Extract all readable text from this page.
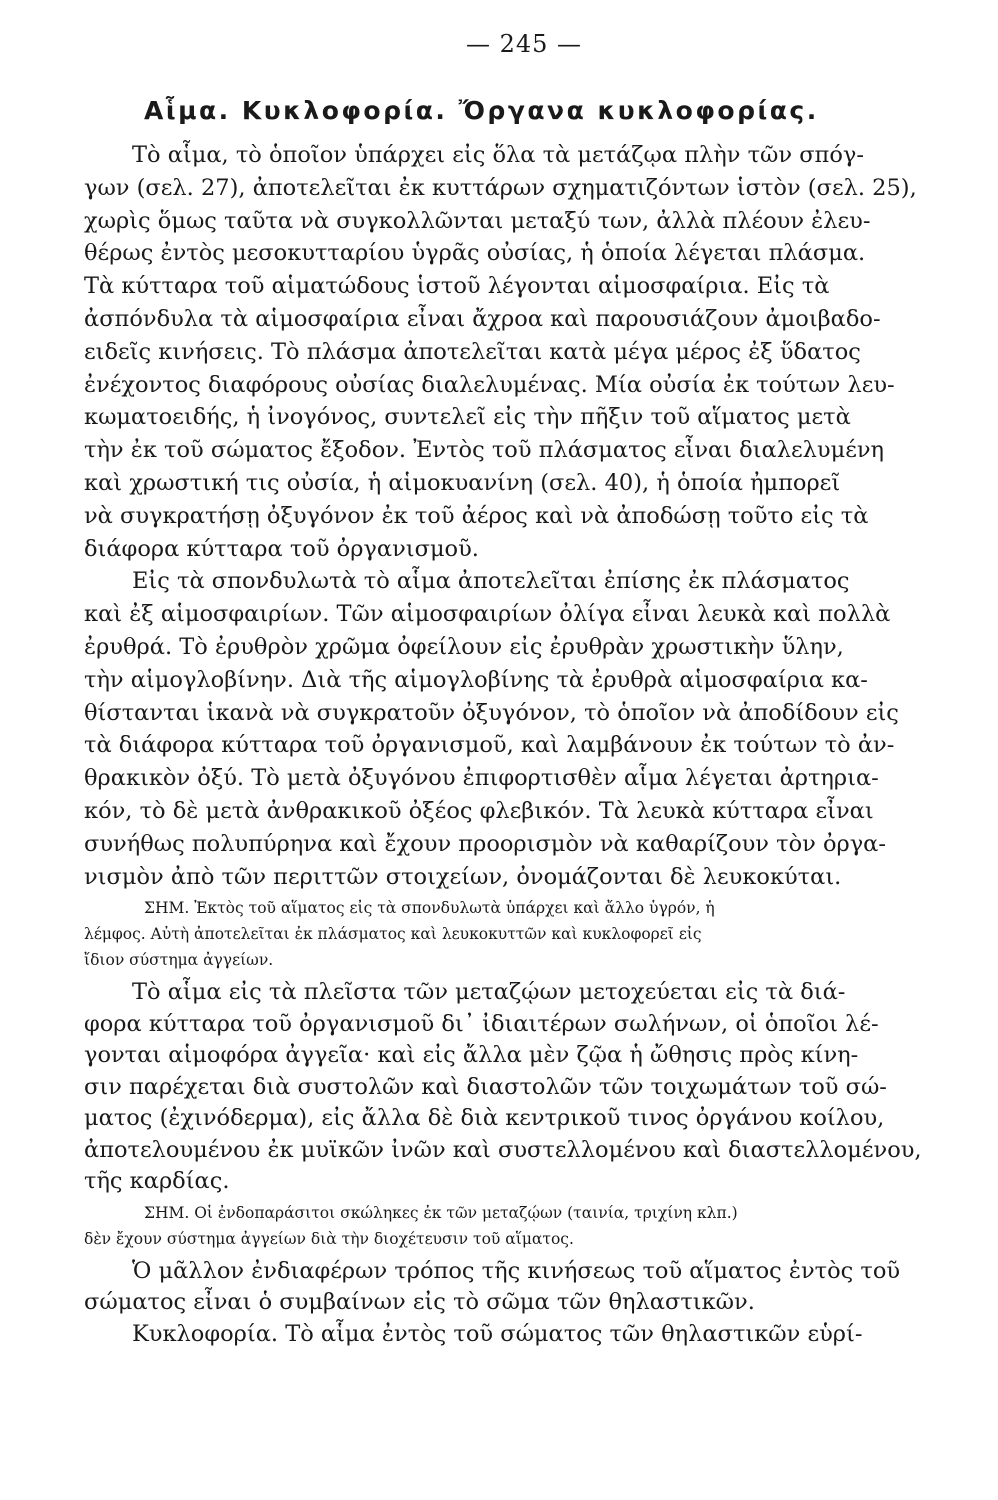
— 245 —
Αἷμα. Κυκλοφορία. Ὄργανα κυκλοφορίας.
Τὸ αἷμα, τὸ ὁποῖον ὑπάρχει εἰς ὅλα τὰ μετάζῳα πλὴν τῶν σπόγ-
γων (σελ. 27), ἀποτελεῖται ἐκ κυττάρων σχηματιζόντων ἱστὸν (σελ. 25),
χωρὶς ὅμως ταῦτα νὰ συγκολλῶνται μεταξύ των, ἀλλὰ πλέουν ἐλευ-
θέρως ἐντὸς μεσοκυτταρίου ὑγρᾶς οὐσίας, ἡ ὁποία λέγεται πλάσμα.
Τὰ κύτταρα τοῦ αἱματώδους ἱστοῦ λέγονται αἱμοσφαίρια. Εἰς τὰ
ἀσπόνδυλα τὰ αἱμοσφαίρια εἶναι ἄχροα καὶ παρουσιάζουν ἀμοιβαδο-
ειδεῖς κινήσεις. Τὸ πλάσμα ἀποτελεῖται κατὰ μέγα μέρος ἐξ ὕδατος
ἐνέχοντος διαφόρους οὐσίας διαλελυμένας. Μία οὐσία ἐκ τούτων λευ-
κωματοειδής, ἡ ἰνογόνος, συντελεῖ εἰς τὴν πῆξιν τοῦ αἵματος μετὰ
τὴν ἐκ τοῦ σώματος ἔξοδον. Ἐντὸς τοῦ πλάσματος εἶναι διαλελυμένη
καὶ χρωστική τις οὐσία, ἡ αἱμοκυανίνη (σελ. 40), ἡ ὁποία ἠμπορεῖ
νὰ συγκρατήσῃ ὀξυγόνον ἐκ τοῦ ἀέρος καὶ νὰ ἀποδώσῃ τοῦτο εἰς τὰ
διάφορα κύτταρα τοῦ ὀργανισμοῦ.
Εἰς τὰ σπονδυλωτὰ τὸ αἷμα ἀποτελεῖται ἐπίσης ἐκ πλάσματος
καὶ ἐξ αἱμοσφαιρίων. Τῶν αἱμοσφαιρίων ὀλίγα εἶναι λευκὰ καὶ πολλὰ
ἐρυθρά. Τὸ ἐρυθρὸν χρῶμα ὀφείλουν εἰς ἐρυθρὰν χρωστικὴν ὕλην,
τὴν αἱμογλοβίνην. Διὰ τῆς αἱμογλοβίνης τὰ ἐρυθρὰ αἱμοσφαίρια κα-
θίστανται ἱκανὰ νὰ συγκρατοῦν ὀξυγόνον, τὸ ὁποῖον νὰ ἀποδίδουν εἰς
τὰ διάφορα κύτταρα τοῦ ὀργανισμοῦ, καὶ λαμβάνουν ἐκ τούτων τὸ ἀν-
θρακικὸν ὀξύ. Τὸ μετὰ ὀξυγόνου ἐπιφορτισθὲν αἷμα λέγεται ἀρτηρια-
κόν, τὸ δὲ μετὰ ἀνθρακικοῦ ὀξέος φλεβικόν. Τὰ λευκὰ κύτταρα εἶναι
συνήθως πολυπύρηνα καὶ ἔχουν προορισμὸν νὰ καθαρίζουν τὸν ὀργα-
νισμὸν ἀπὸ τῶν περιττῶν στοιχείων, ὀνομάζονται δὲ λευκοκύται.
ΣΗΜ. Ἐκτὸς τοῦ αἵματος εἰς τὰ σπονδυλωτὰ ὑπάρχει καὶ ἄλλο ὑγρόν, ἡ
λέμφος. Αὐτὴ ἀποτελεῖται ἐκ πλάσματος καὶ λευκοκυττῶν καὶ κυκλοφορεῖ εἰς
ἴδιον σύστημα ἀγγείων.
Τὸ αἷμα εἰς τὰ πλεῖστα τῶν μεταζῴων μετοχεύεται εἰς τὰ διά-
φορα κύτταρα τοῦ ὀργανισμοῦ δι᾽ ἰδιαιτέρων σωλήνων, οἱ ὁποῖοι λέ-
γονται αἱμοφόρα ἀγγεῖα· καὶ εἰς ἄλλα μὲν ζῷα ἡ ὤθησις πρὸς κίνη-
σιν παρέχεται διὰ συστολῶν καὶ διαστολῶν τῶν τοιχωμάτων τοῦ σώ-
ματος (ἐχινόδερμα), εἰς ἄλλα δὲ διὰ κεντρικοῦ τινος ὀργάνου κοίλου,
ἀποτελουμένου ἐκ μυϊκῶν ἰνῶν καὶ συστελλομένου καὶ διαστελλομένου,
τῆς καρδίας.
ΣΗΜ. Οἱ ἐνδοπαράσιτοι σκώληκες ἐκ τῶν μεταζῴων (ταινία, τριχίνη κλπ.)
δὲν ἔχουν σύστημα ἀγγείων διὰ τὴν διοχέτευσιν τοῦ αἵματος.
Ὁ μᾶλλον ἐνδιαφέρων τρόπος τῆς κινήσεως τοῦ αἵματος ἐντὸς τοῦ
σώματος εἶναι ὁ συμβαίνων εἰς τὸ σῶμα τῶν θηλαστικῶν.
Κυκλοφορία. Τὸ αἷμα ἐντὸς τοῦ σώματος τῶν θηλαστικῶν εὑρί-
